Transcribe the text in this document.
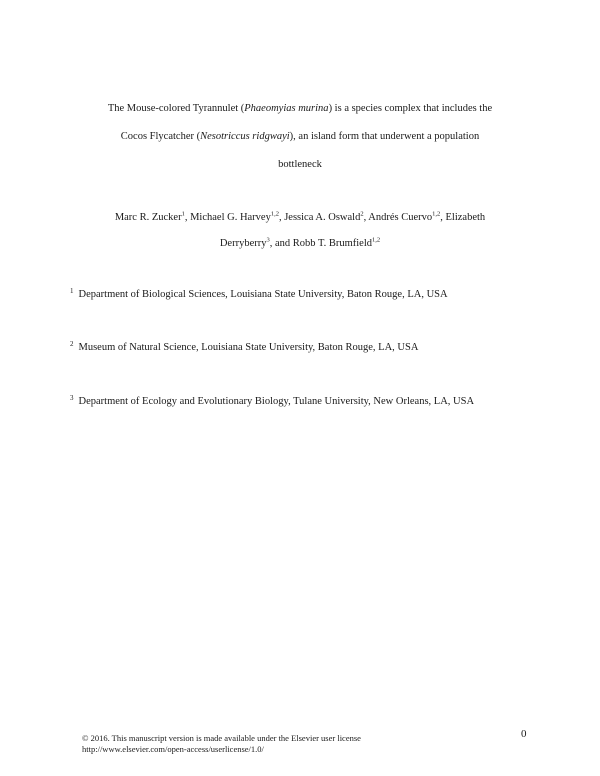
The Mouse-colored Tyrannulet (Phaeomyias murina) is a species complex that includes the
Cocos Flycatcher (Nesotriccus ridgwayi), an island form that underwent a population
bottleneck

Marc R. Zucker$^1$, Michael G. Harvey$^{1,2}$, Jessica A. Oswald$^2$, Andrés Cuervo$^{1,2}$, Elizabeth
Derryberry$^3$, and Robb T. Brumfield$^{1,2}$

$^1$ Department of Biological Sciences, Louisiana State University, Baton Rouge, LA, USA

$^2$ Museum of Natural Science, Louisiana State University, Baton Rouge, LA, USA

$^3$ Department of Ecology and Evolutionary Biology, Tulane University, New Orleans, LA, USA

© 2016. This manuscript version is made available under the Elsevier user license
http://www.elsevier.com/open-access/userlicense/1.0/

0
